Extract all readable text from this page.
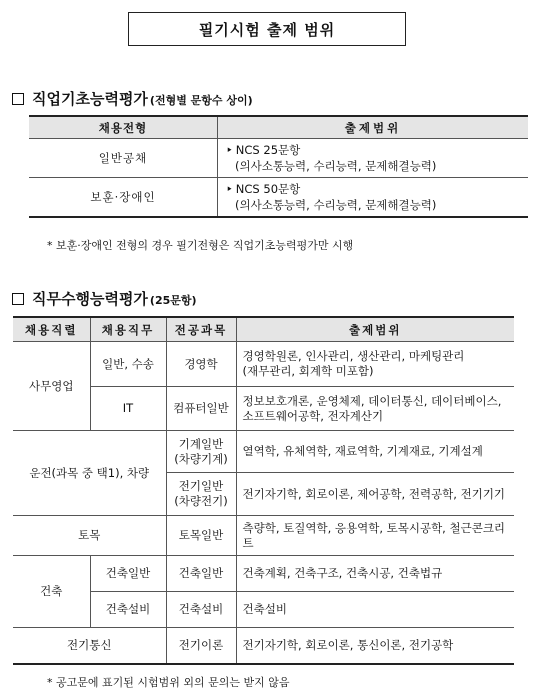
필기시험 출제 범위
직업기초능력평가 (전형별 문항수 상이)
채용전형	출제범위
일반공채	‣ NCS 25문항
(의사소통능력, 수리능력, 문제해결능력)

보훈·장애인	‣ NCS 50문항
(의사소통능력, 수리능력, 문제해결능력)
* 보훈·장애인 전형의 경우 필기전형은 직업기초능력평가만 시행
직무수행능력평가 (25문항)
채용직렬	채용직무	전공과목	출제범위
사무영업	일반, 수송	경영학	경영학원론, 인사관리, 생산관리, 마케팅관리
(재무관리, 회계학 미포함)

	IT	컴퓨터일반	정보보호개론, 운영체제, 데이터통신, 데이터베이스,
소프트웨어공학, 전자계산기

운전(과목 중 택1), 차량		기계일반
(차량기계)	열역학, 유체역학, 재료역학, 기계재료, 기계설계

		전기일반
(차량전기)	전기자기학, 회로이론, 제어공학, 전력공학, 전기기기
토목		토목일반	측량학, 토질역학, 응용역학, 토목시공학, 철근콘크리트
건축	건축일반	건축일반	건축계획, 건축구조, 건축시공, 건축법규
	건축설비	건축설비	건축설비
전기통신		전기이론	전기자기학, 회로이론, 통신이론, 전기공학
* 공고문에 표기된 시험범위 외의 문의는 받지 않음
